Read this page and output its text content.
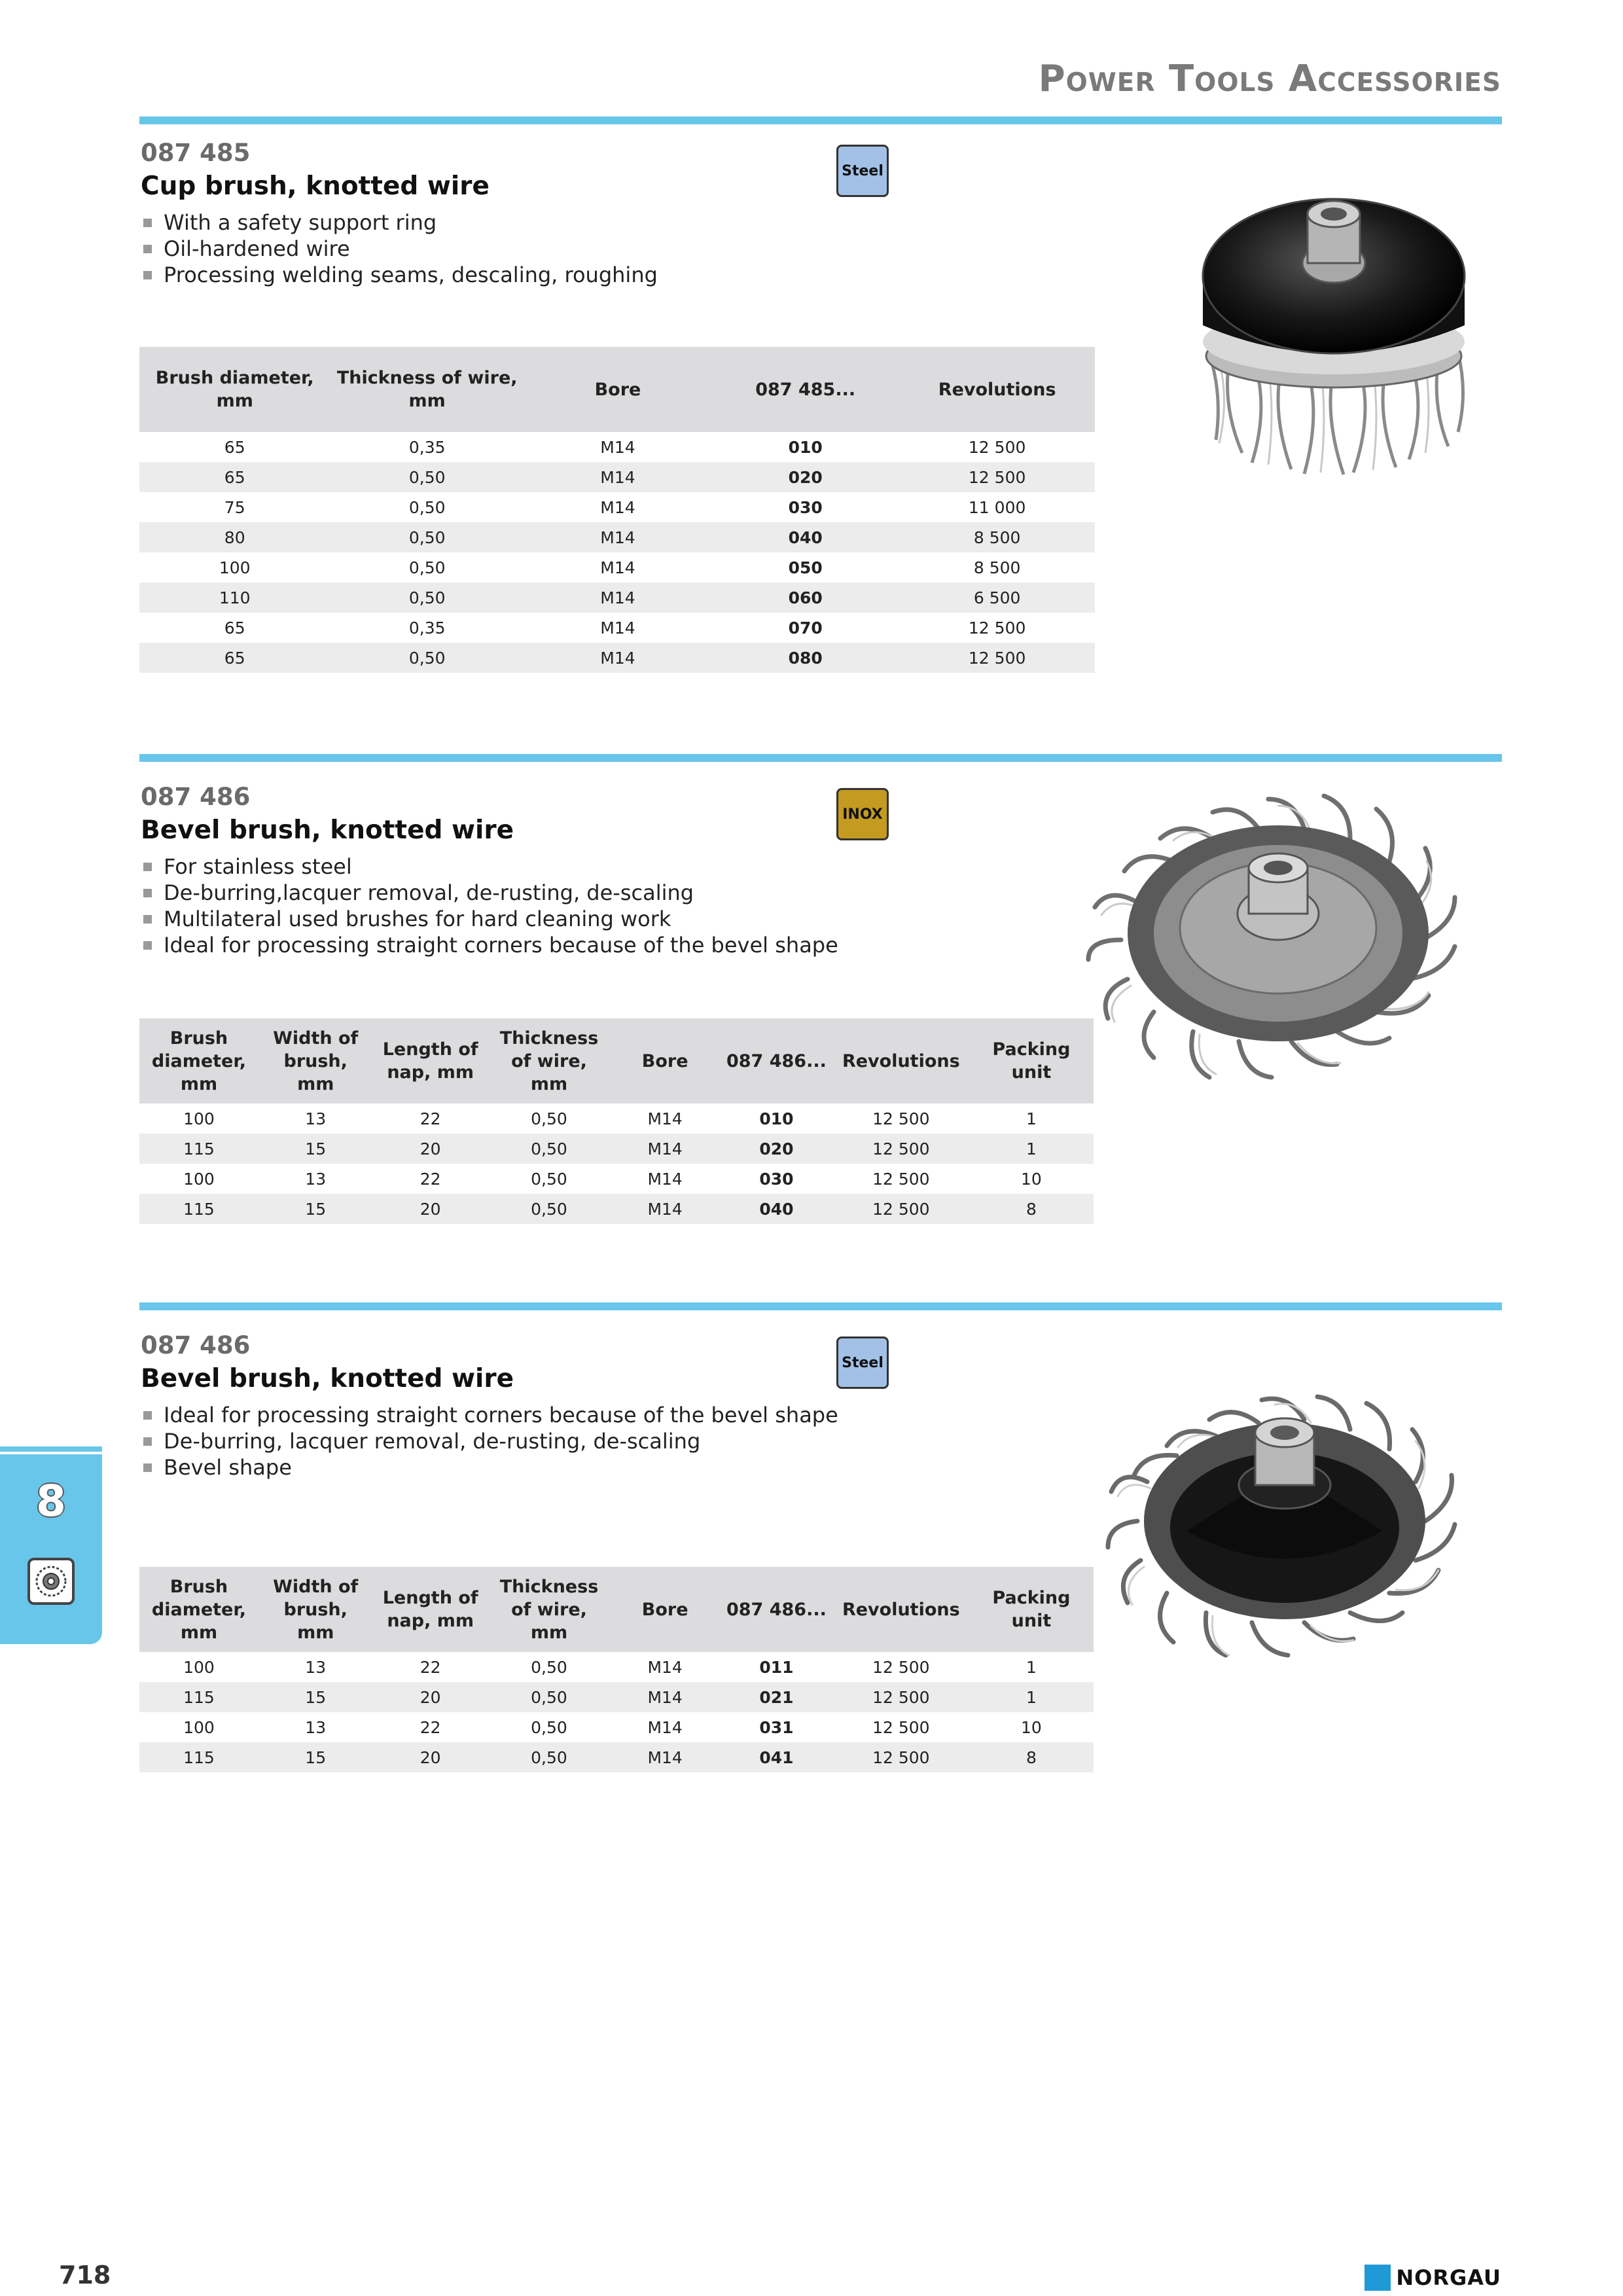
Power Tools Accessories
087 485
Cup brush, knotted wire
With a safety support ring
Oil-hardened wire
Processing welding seams, descaling, roughing
Steel
Brush diameter, mm	Thickness of wire, mm	Bore	087 485...	Revolutions
65	0,35	M14	010	12 500
65	0,50	M14	020	12 500
75	0,50	M14	030	11 000
80	0,50	M14	040	8 500
100	0,50	M14	050	8 500
110	0,50	M14	060	6 500
65	0,35	M14	070	12 500
65	0,50	M14	080	12 500
087 486
Bevel brush, knotted wire
For stainless steel
De-burring,lacquer removal, de-rusting, de-scaling
Multilateral used brushes for hard cleaning work
Ideal for processing straight corners because of the bevel shape
INOX
Brush diameter, mm	Width of brush, mm	Length of nap, mm	Thickness of wire, mm	Bore	087 486...	Revolutions	Packing unit
100	13	22	0,50	M14	010	12 500	1
115	15	20	0,50	M14	020	12 500	1
100	13	22	0,50	M14	030	12 500	10
115	15	20	0,50	M14	040	12 500	8
087 486
Bevel brush, knotted wire
Ideal for processing straight corners because of the bevel shape
De-burring, lacquer removal, de-rusting, de-scaling
Bevel shape
Steel
Brush diameter, mm	Width of brush, mm	Length of nap, mm	Thickness of wire, mm	Bore	087 486...	Revolutions	Packing unit
100	13	22	0,50	M14	011	12 500	1
115	15	20	0,50	M14	021	12 500	1
100	13	22	0,50	M14	031	12 500	10
115	15	20	0,50	M14	041	12 500	8
8
718	NORGAU
